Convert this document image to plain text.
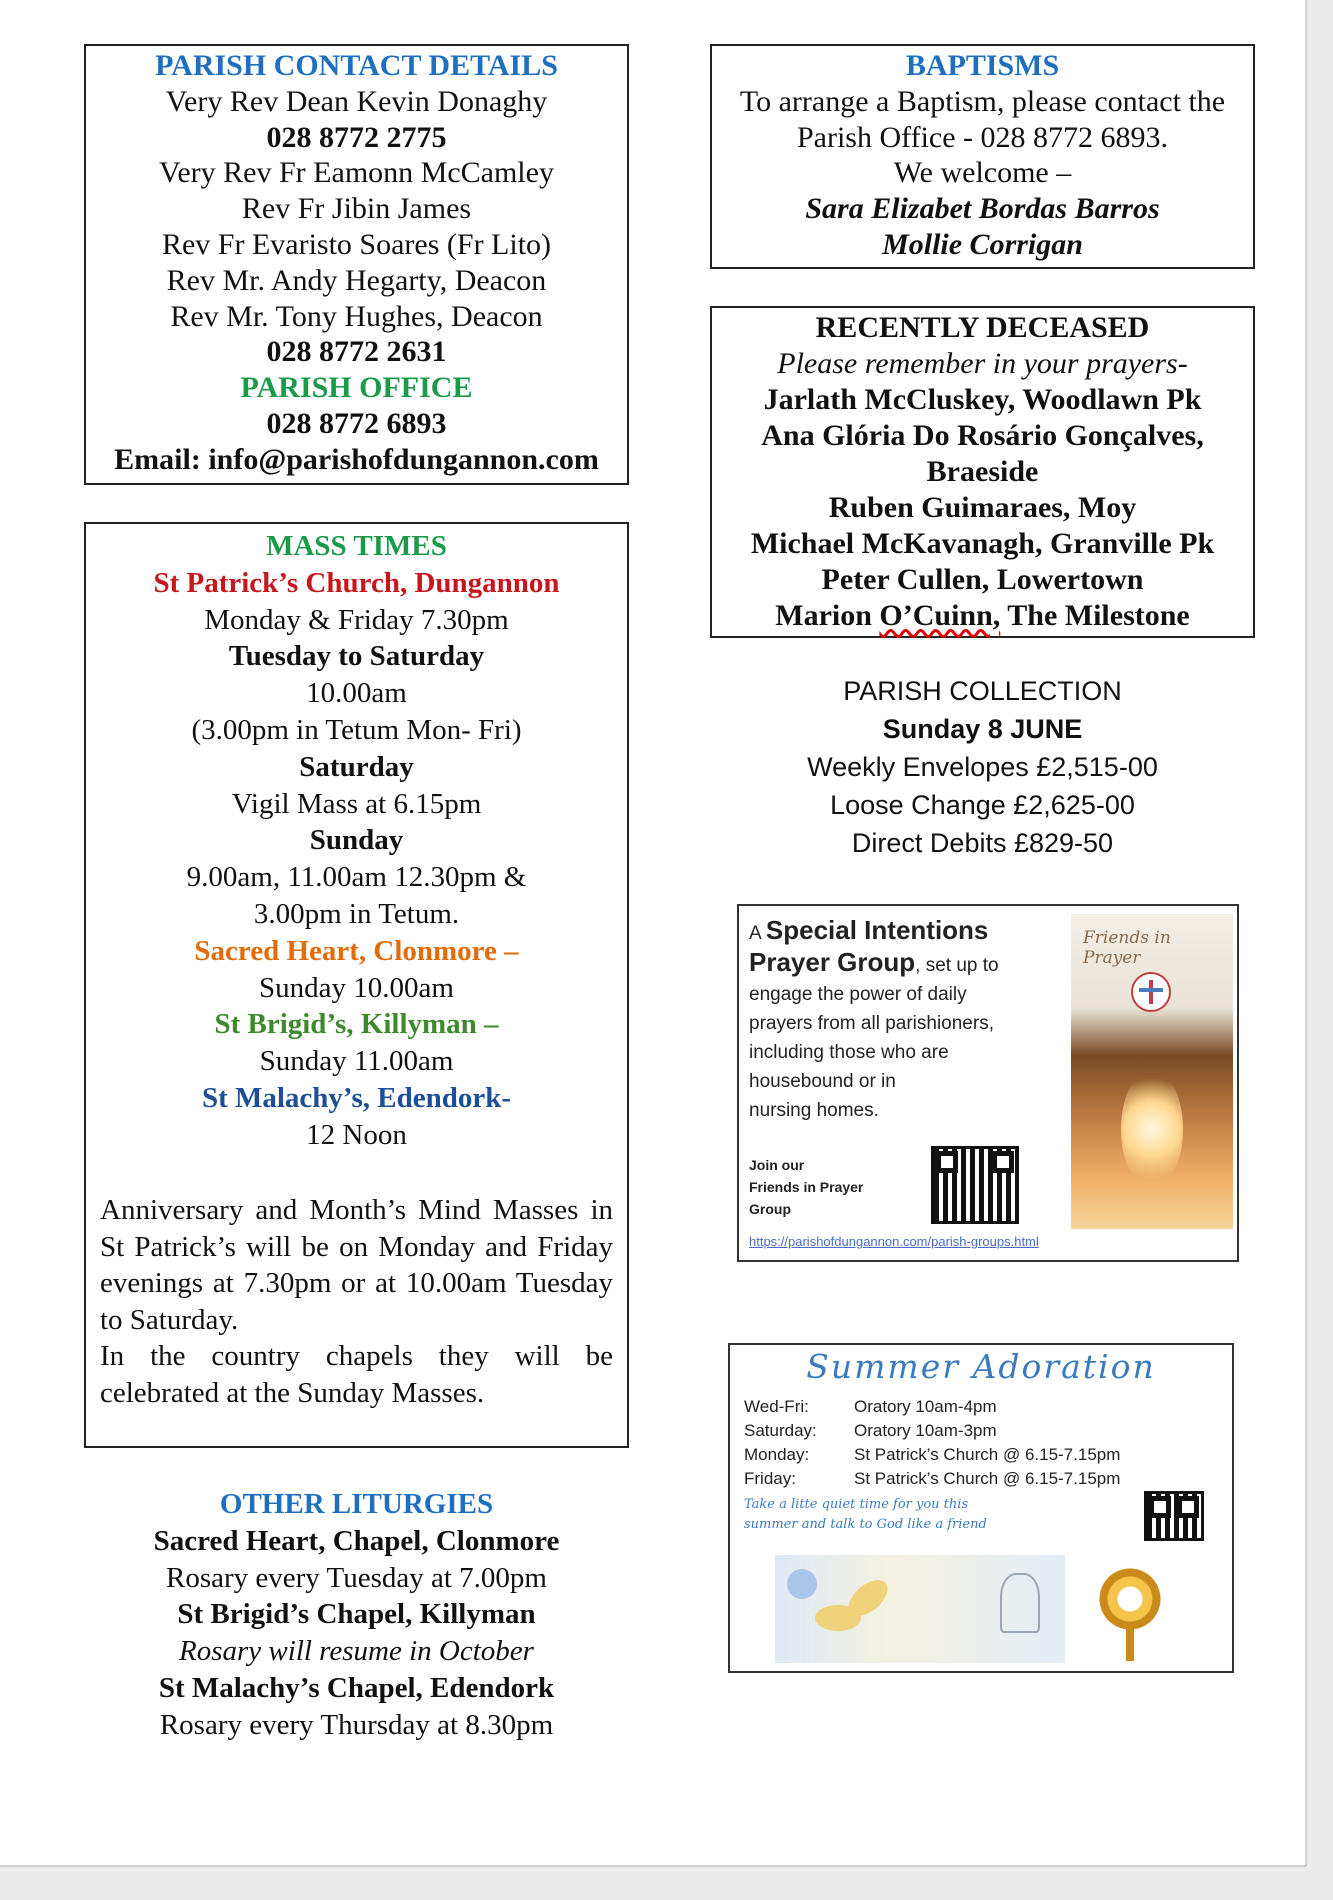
PARISH CONTACT DETAILS
Very Rev Dean Kevin Donaghy
028 8772 2775
Very Rev Fr Eamonn McCamley
Rev Fr Jibin James
Rev Fr Evaristo Soares (Fr Lito)
Rev Mr. Andy Hegarty, Deacon
Rev Mr. Tony Hughes, Deacon
028 8772 2631
PARISH OFFICE
028 8772 6893
Email: info@parishofdungannon.com
MASS TIMES
St Patrick’s Church, Dungannon
Monday & Friday 7.30pm
Tuesday to Saturday
10.00am
(3.00pm in Tetum Mon- Fri)
Saturday
Vigil Mass at 6.15pm
Sunday
9.00am, 11.00am 12.30pm &
3.00pm in Tetum.
Sacred Heart, Clonmore –
Sunday 10.00am
St Brigid’s, Killyman –
Sunday 11.00am
St Malachy’s, Edendork-
12 Noon
Anniversary and Month’s Mind Masses in St Patrick’s will be on Monday and Friday evenings at 7.30pm or at 10.00am Tuesday to Saturday.
In the country chapels they will be celebrated at the Sunday Masses.
OTHER LITURGIES
Sacred Heart, Chapel, Clonmore
Rosary every Tuesday at 7.00pm
St Brigid’s Chapel, Killyman
Rosary will resume in October
St Malachy’s Chapel, Edendork
Rosary every Thursday at 8.30pm
BAPTISMS
To arrange a Baptism, please contact the
Parish Office - 028 8772 6893.
We welcome –
Sara Elizabet Bordas Barros
Mollie Corrigan
RECENTLY DECEASED
Please remember in your prayers-
Jarlath McCluskey, Woodlawn Pk
Ana Glória Do Rosário Gonçalves,
Braeside
Ruben Guimaraes, Moy
Michael McKavanagh, Granville Pk
Peter Cullen, Lowertown
Marion O’Cuinn, The Milestone
PARISH COLLECTION
Sunday 8 JUNE
Weekly Envelopes £2,515-00
Loose Change £2,625-00
Direct Debits £829-50
A Special Intentions
Prayer Group, set up to
engage the power of daily
prayers from all parishioners,
including those who are
housebound or in
nursing homes.
Join our
Friends in Prayer
Group
https://parishofdungannon.com/parish-groups.html
Friends in Prayer
Summer Adoration
Wed-Fri:	Oratory 10am-4pm
Saturday: Oratory 10am-3pm
Monday:	St Patrick’s Church @ 6.15-7.15pm
Friday:	St Patrick’s Church @ 6.15-7.15pm
Take a litte quiet time for you this
summer and talk to God like a friend
